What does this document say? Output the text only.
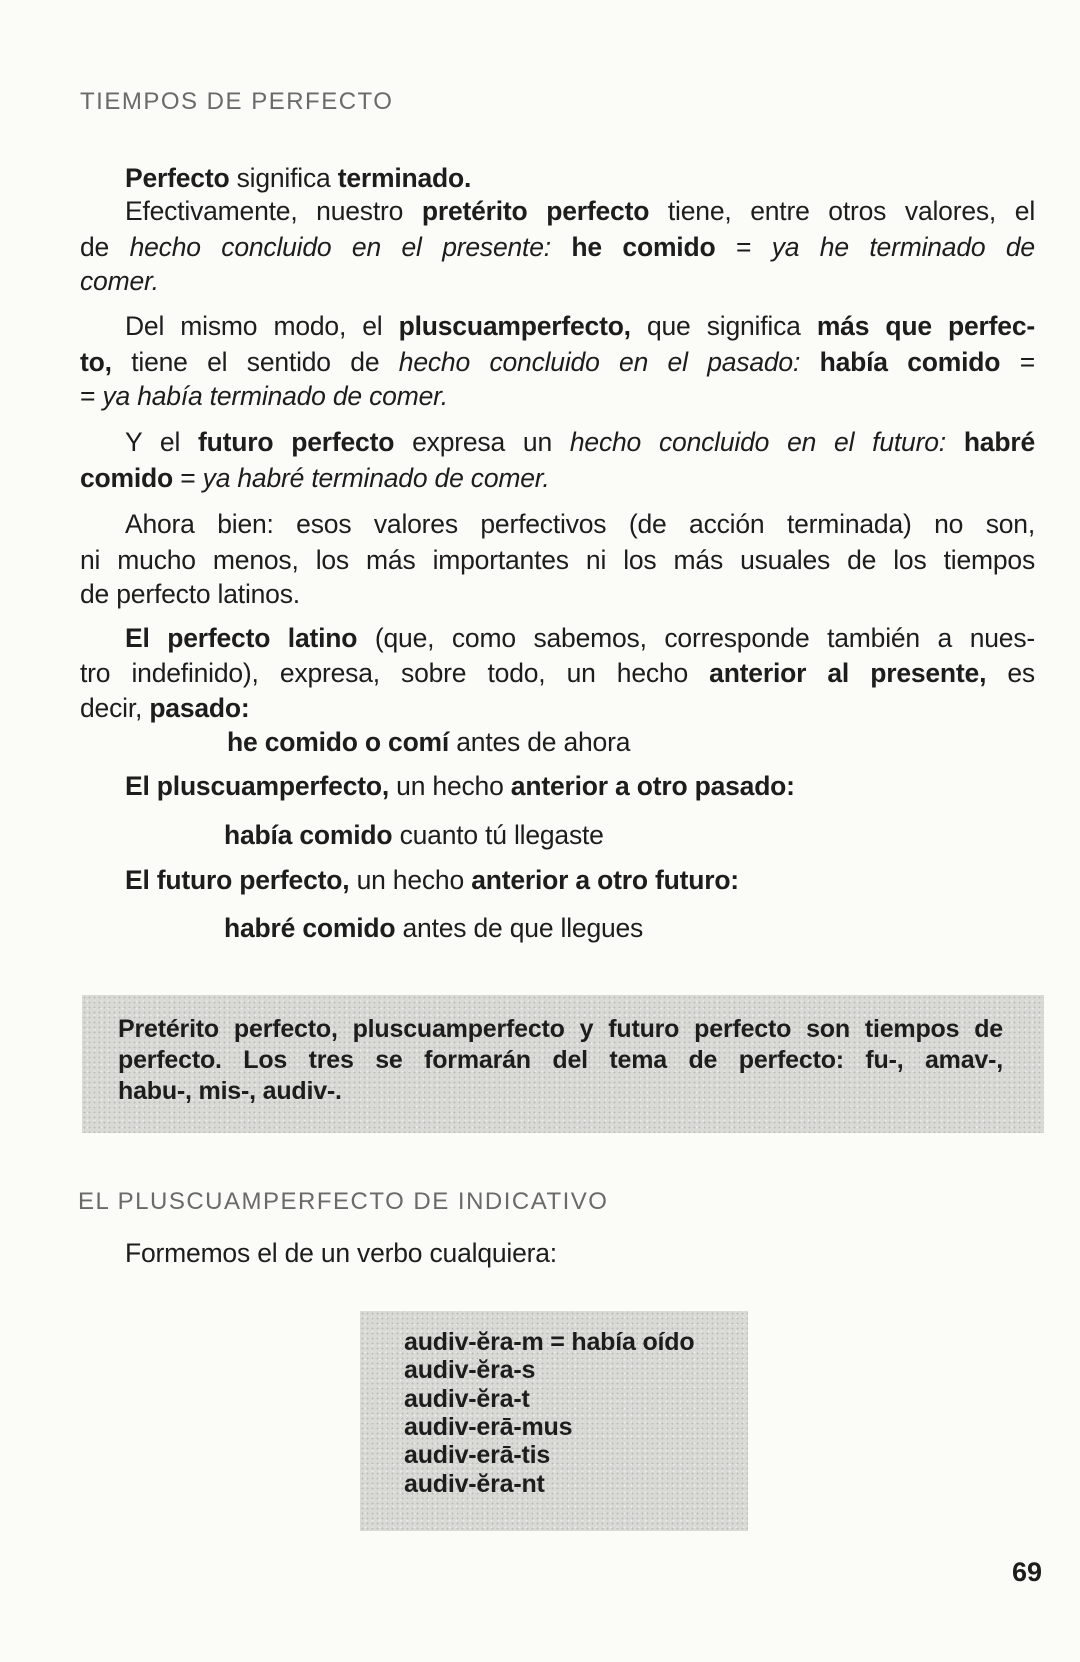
TIEMPOS DE PERFECTO
EL PLUSCUAMPERFECTO DE INDICATIVO
69
Perfecto significa terminado.
Efectivamente, nuestro pretérito perfecto tiene, entre otros valores, el
de hecho concluido en el presente: he comido = ya he terminado de
comer.
Del mismo modo, el pluscuamperfecto, que significa más que perfec-
to, tiene el sentido de hecho concluido en el pasado: había comido =
= ya había terminado de comer.
Y el futuro perfecto expresa un hecho concluido en el futuro: habré
comido = ya habré terminado de comer.
Ahora bien: esos valores perfectivos (de acción terminada) no son,
ni mucho menos, los más importantes ni los más usuales de los tiempos
de perfecto latinos.
El perfecto latino (que, como sabemos, corresponde también a nues-
tro indefinido), expresa, sobre todo, un hecho anterior al presente, es
decir, pasado:
he comido o comí antes de ahora
El pluscuamperfecto, un hecho anterior a otro pasado:
había comido cuanto tú llegaste
El futuro perfecto, un hecho anterior a otro futuro:
habré comido antes de que llegues
Pretérito perfecto, pluscuamperfecto y futuro perfecto son tiempos de
perfecto. Los tres se formarán del tema de perfecto: fu-, amav-,
habu-, mis-, audiv-.
Formemos el de un verbo cualquiera:
audiv-ĕra-m = había oído
audiv-ĕra-s
audiv-ĕra-t
audiv-erā-mus
audiv-erā-tis
audiv-ĕra-nt
